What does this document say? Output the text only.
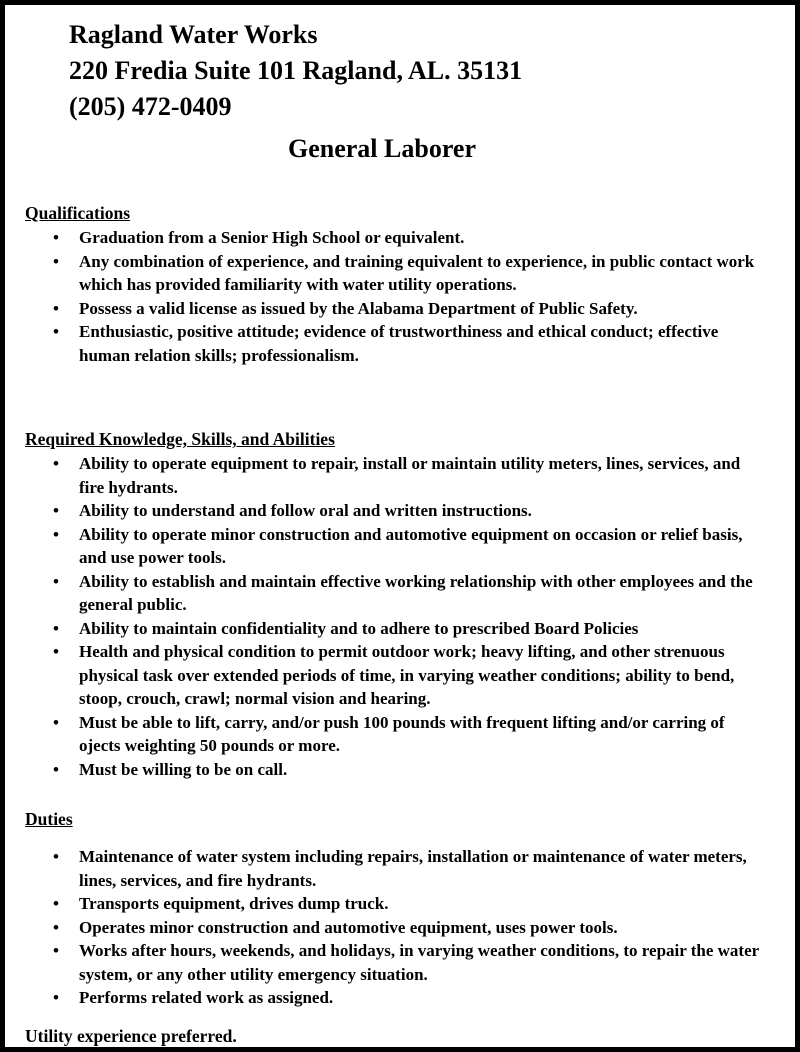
Ragland Water Works
220 Fredia Suite 101 Ragland, AL. 35131
(205) 472-0409
General Laborer
Qualifications
• Graduation from a Senior High School or equivalent.
• Any combination of experience, and training equivalent to experience, in public contact work which has provided familiarity with water utility operations.
• Possess a valid license as issued by the Alabama Department of Public Safety.
• Enthusiastic, positive attitude; evidence of trustworthiness and ethical conduct; effective human relation skills; professionalism.
Required Knowledge, Skills, and Abilities
• Ability to operate equipment to repair, install or maintain utility meters, lines, services, and fire hydrants.
• Ability to understand and follow oral and written instructions.
• Ability to operate minor construction and automotive equipment on occasion or relief basis, and use power tools.
• Ability to establish and maintain effective working relationship with other employees and the general public.
• Ability to maintain confidentiality and to adhere to prescribed Board Policies
• Health and physical condition to permit outdoor work; heavy lifting, and other strenuous physical task over extended periods of time, in varying weather conditions; ability to bend, stoop, crouch, crawl; normal vision and hearing.
• Must be able to lift, carry, and/or push 100 pounds with frequent lifting and/or carring of ojects weighting 50 pounds or more.
• Must be willing to be on call.
Duties
• Maintenance of water system including repairs, installation or maintenance of water meters, lines, services, and fire hydrants.
• Transports equipment, drives dump truck.
• Operates minor construction and automotive equipment, uses power tools.
• Works after hours, weekends, and holidays, in varying weather conditions, to repair the water system, or any other utility emergency situation.
• Performs related work as assigned.

Utility experience preferred.
